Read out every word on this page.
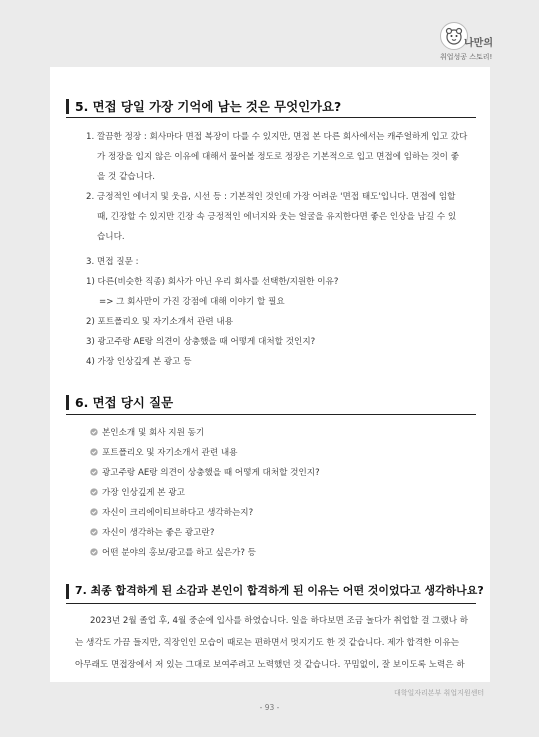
나만의
취업성공 스토리!
5. 면접 당일 가장 기억에 남는 것은 무엇인가요?
1. 깔끔한 정장 : 회사마다 면접 복장이 다를 수 있지만, 면접 본 다른 회사에서는 캐주얼하게 입고 갔다
가 정장을 입지 않은 이유에 대해서 물어볼 정도로 정장은 기본적으로 입고 면접에 임하는 것이 좋
을 것 같습니다.
2. 긍정적인 에너지 및 웃음, 시선 등 : 기본적인 것인데 가장 어려운 '면접 태도'입니다. 면접에 임할
때, 긴장할 수 있지만 긴장 속 긍정적인 에너지와 웃는 얼굴을 유지한다면 좋은 인상을 남길 수 있
습니다.
3. 면접 질문 :
1) 다른(비슷한 직종) 회사가 아닌 우리 회사를 선택한/지원한 이유?
=> 그 회사만이 가진 강점에 대해 이야기 할 필요
2) 포트폴리오 및 자기소개서 관련 내용
3) 광고주랑 AE랑 의견이 상충했을 때 어떻게 대처할 것인지?
4) 가장 인상깊게 본 광고 등
6. 면접 당시 질문
본인소개 및 회사 지원 동기
포트폴리오 및 자기소개서 관련 내용
광고주랑 AE랑 의견이 상충했을 때 어떻게 대처할 것인지?
가장 인상깊게 본 광고
자신이 크리에이티브하다고 생각하는지?
자신이 생각하는 좋은 광고란?
어떤 분야의 홍보/광고를 하고 싶은가? 등
7. 최종 합격하게 된 소감과 본인이 합격하게 된 이유는 어떤 것이었다고 생각하나요?
2023년 2월 졸업 후, 4월 중순에 입사를 하였습니다. 일을 하다보면 조금 놀다가 취업할 걸 그랬나 하
는 생각도 가끔 들지만, 직장인인 모습이 때로는 편하면서 멋지기도 한 것 같습니다. 제가 합격한 이유는
아무래도 면접장에서 저 있는 그대로 보여주려고 노력했던 것 같습니다. 꾸밈없이, 잘 보이도록 노력은 하
대학일자리본부 취업지원센터
- 93 -
